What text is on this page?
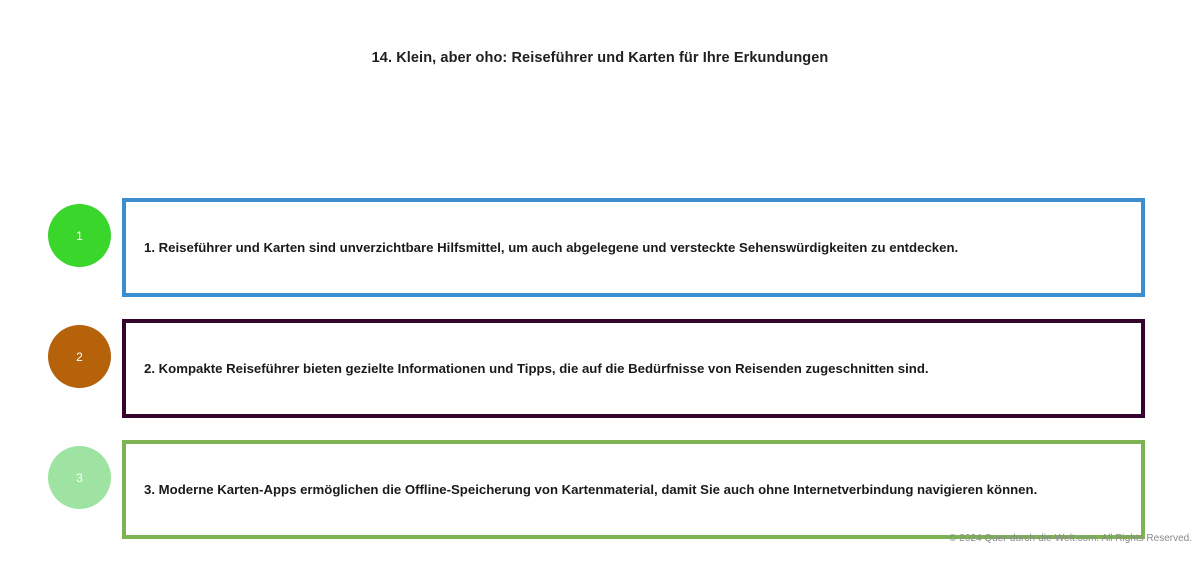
14. Klein, aber oho: Reiseführer und Karten für Ihre Erkundungen
1
1. Reiseführer und Karten sind unverzichtbare Hilfsmittel, um auch abgelegene und versteckte Sehenswürdigkeiten zu entdecken.
2
2. Kompakte Reiseführer bieten gezielte Informationen und Tipps, die auf die Bedürfnisse von Reisenden zugeschnitten sind.
3
3. Moderne Karten-Apps ermöglichen die Offline-Speicherung von Kartenmaterial, damit Sie auch ohne Internetverbindung navigieren können.
© 2024 Quer-durch-die-Welt.com. All Rights Reserved.
